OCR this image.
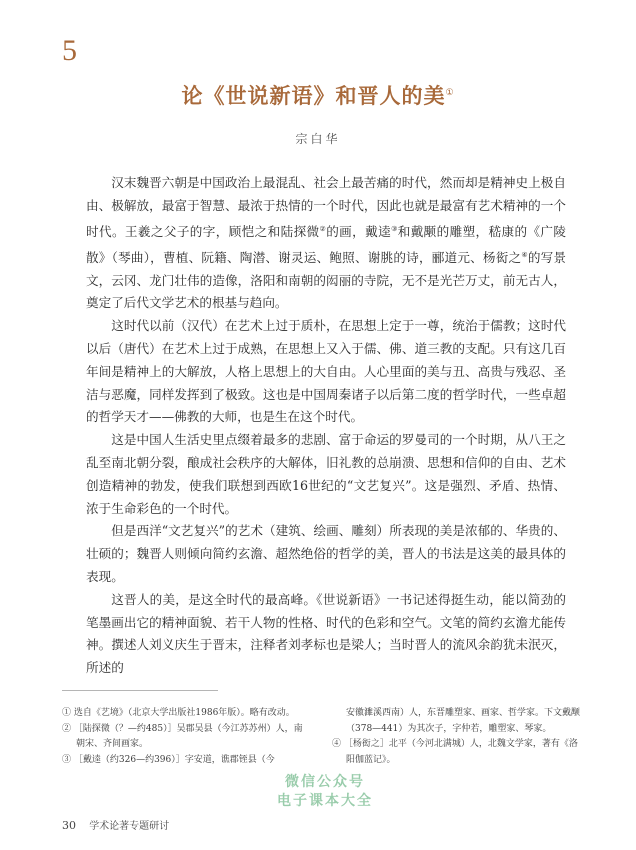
5
论《世说新语》和晋人的美①
宗白华

汉末魏晋六朝是中国政治上最混乱、社会上最苦痛的时代，然而却是精神史上极自由、极解放，最富于智慧、最浓于热情的一个时代，因此也就是最富有艺术精神的一个时代。王羲之父子的字，顾恺之和陆探微②的画，戴逵③和戴颙的雕塑，嵇康的《广陵散》（琴曲），曹植、阮籍、陶潜、谢灵运、鲍照、谢朓的诗，郦道元、杨衒之④的写景文，云冈、龙门壮伟的造像，洛阳和南朝的闳丽的寺院，无不是光芒万丈，前无古人，奠定了后代文学艺术的根基与趋向。

这时代以前（汉代）在艺术上过于质朴，在思想上定于一尊，统治于儒教；这时代以后（唐代）在艺术上过于成熟，在思想上又入于儒、佛、道三教的支配。只有这几百年间是精神上的大解放，人格上思想上的大自由。人心里面的美与丑、高贵与残忍、圣洁与恶魔，同样发挥到了极致。这也是中国周秦诸子以后第二度的哲学时代，一些卓超的哲学天才——佛教的大师，也是生在这个时代。

这是中国人生活史里点缀着最多的悲剧、富于命运的罗曼司的一个时期，从八王之乱至南北朝分裂，酿成社会秩序的大解体，旧礼教的总崩溃、思想和信仰的自由、艺术创造精神的勃发，使我们联想到西欧16世纪的“文艺复兴”。这是强烈、矛盾、热情、浓于生命彩色的一个时代。

但是西洋“文艺复兴”的艺术（建筑、绘画、雕刻）所表现的美是浓郁的、华贵的、壮硕的；魏晋人则倾向简约玄澹、超然绝俗的哲学的美，晋人的书法是这美的最具体的表现。

这晋人的美，是这全时代的最高峰。《世说新语》一书记述得挺生动，能以简劲的笔墨画出它的精神面貌、若干人物的性格、时代的色彩和空气。文笔的简约玄澹尤能传神。撰述人刘义庆生于晋末，注释者刘孝标也是梁人；当时晋人的流风余韵犹未泯灭，所述的

① 选自《艺境》（北京大学出版社1986年版）。略有改动。

② ［陆探微（？—约485）］吴郡吴县（今江苏苏州）人，南朝宋、齐间画家。

③ ［戴逵（约326—约396）］字安道，谯郡铚县（今

安徽濉溪西南）人，东晋雕塑家、画家、哲学家。下文戴颙（378—441）为其次子，字仲若，雕塑家、琴家。

④ ［杨衒之］北平（今河北满城）人，北魏文学家，著有《洛阳伽蓝记》。

30 学术论著专题研讨
微信公众号
电子课本大全
